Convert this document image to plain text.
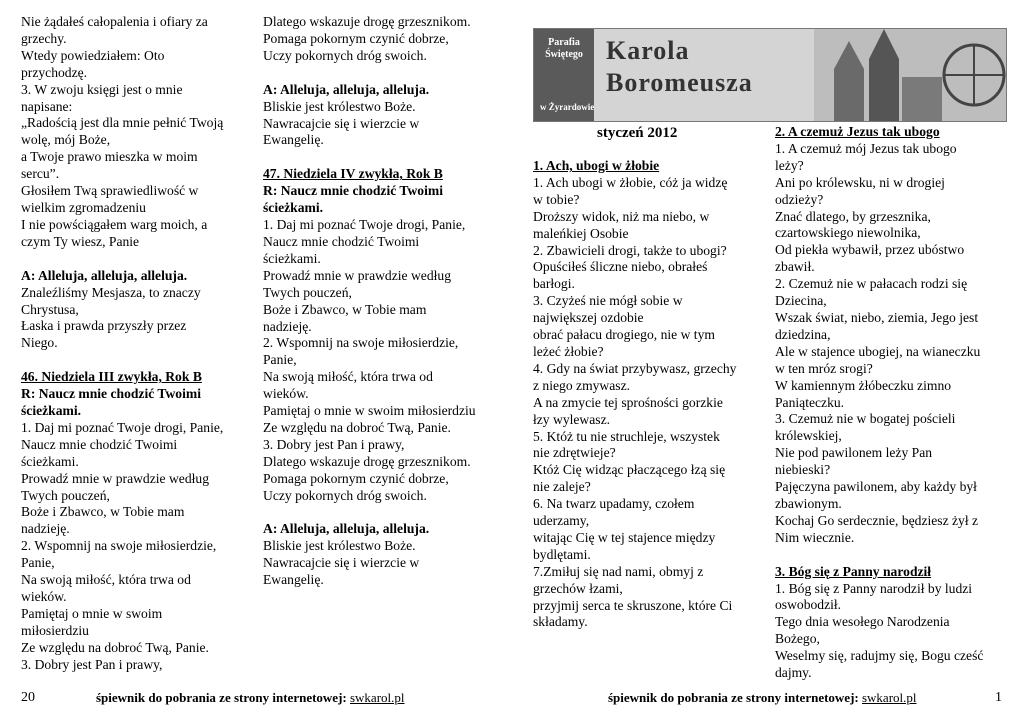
Nie żądałeś całopalenia i ofiary za

grzechy.

Wtedy powiedziałem: Oto

przychodzę.

3. W zwoju księgi jest o mnie

napisane:

„Radością jest dla mnie pełnić Twoją

wolę, mój Boże,

a Twoje prawo mieszka w moim

sercu”.

Głosiłem Twą sprawiedliwość w

wielkim zgromadzeniu

I nie powściągałem warg moich, a

czym Ty wiesz, Panie

A: Alleluja, alleluja, alleluja.

Znaleźliśmy Mesjasza, to znaczy

Chrystusa,

Łaska i prawda przyszły przez

Niego.

46. Niedziela III zwykła, Rok B

R: Naucz mnie chodzić Twoimi

ścieżkami.

1. Daj mi poznać Twoje drogi, Panie,

Naucz mnie chodzić Twoimi

ścieżkami.

Prowadź mnie w prawdzie według

Twych pouczeń,

Boże i Zbawco, w Tobie mam

nadzieję.

2. Wspomnij na swoje miłosierdzie,

Panie,

Na swoją miłość, która trwa od

wieków.

Pamiętaj o mnie w swoim

miłosierdziu

Ze względu na dobroć Twą, Panie.

3. Dobry jest Pan i prawy,

Dlatego wskazuje drogę grzesznikom.

Pomaga pokornym czynić dobrze,

Uczy pokornych dróg swoich.

A: Alleluja, alleluja, alleluja.

Bliskie jest królestwo Boże.

Nawracajcie się i wierzcie w

Ewangelię.

47. Niedziela IV zwykła, Rok B

R: Naucz mnie chodzić Twoimi

ścieżkami.

1. Daj mi poznać Twoje drogi, Panie,

Naucz mnie chodzić Twoimi

ścieżkami.

Prowadź mnie w prawdzie według

Twych pouczeń,

Boże i Zbawco, w Tobie mam

nadzieję.

2. Wspomnij na swoje miłosierdzie,

Panie,

Na swoją miłość, która trwa od

wieków.

Pamiętaj o mnie w swoim miłosierdziu

Ze względu na dobroć Twą, Panie.

3. Dobry jest Pan i prawy,

Dlatego wskazuje drogę grzesznikom.

Pomaga pokornym czynić dobrze,

Uczy pokornych dróg swoich.

A: Alleluja, alleluja, alleluja.

Bliskie jest królestwo Boże.

Nawracajcie się i wierzcie w

Ewangelię.

Parafia Świętego
w Żyrardowie
Karola
Boromeusza
styczeń 2012

1. Ach, ubogi w żłobie

1. Ach ubogi w żłobie, cóż ja widzę

w tobie?

Droższy widok, niż ma niebo, w

maleńkiej Osobie

2. Zbawicieli drogi, także to ubogi?

Opuściłeś śliczne niebo, obrałeś

barłogi.

3. Czyżeś nie mógł sobie w

największej ozdobie

obrać pałacu drogiego, nie w tym

leżeć żłobie?

4. Gdy na świat przybywasz, grzechy

z niego zmywasz.

A na zmycie tej sprośności gorzkie

łzy wylewasz.

5. Któż tu nie struchleje, wszystek

nie zdrętwieje?

Któż Cię widząc płaczącego łzą się

nie zaleje?

6. Na twarz upadamy, czołem

uderzamy,

witając Cię w tej stajence między

bydlętami.

7.Zmiłuj się nad nami, obmyj z

grzechów łzami,

przyjmij serca te skruszone, które Ci

składamy.

2. A czemuż Jezus tak ubogo

1. A czemuż mój Jezus tak ubogo

leży?

Ani po królewsku, ni w drogiej

odzieży?

Znać dlatego, by grzesznika,

czartowskiego niewolnika,

Od piekła wybawił, przez ubóstwo

zbawił.

2. Czemuż nie w pałacach rodzi się

Dziecina,

Wszak świat, niebo, ziemia, Jego jest

dziedzina,

Ale w stajence ubogiej, na wianeczku

w ten mróz srogi?

W kamiennym żłóbeczku zimno

Paniąteczku.

3. Czemuż nie w bogatej pościeli

królewskiej,

Nie pod pawilonem leży Pan

niebieski?

Pajęczyna pawilonem, aby każdy był

zbawionym.

Kochaj Go serdecznie, będziesz żył z

Nim wiecznie.

3. Bóg się z Panny narodził

1. Bóg się z Panny narodził by ludzi

oswobodził.

Tego dnia wesołego Narodzenia

Bożego,

Weselmy się, radujmy się, Bogu cześć

dajmy.

20	śpiewnik do pobrania ze strony internetowej: swkarol.pl	śpiewnik do pobrania ze strony internetowej: swkarol.pl	1
